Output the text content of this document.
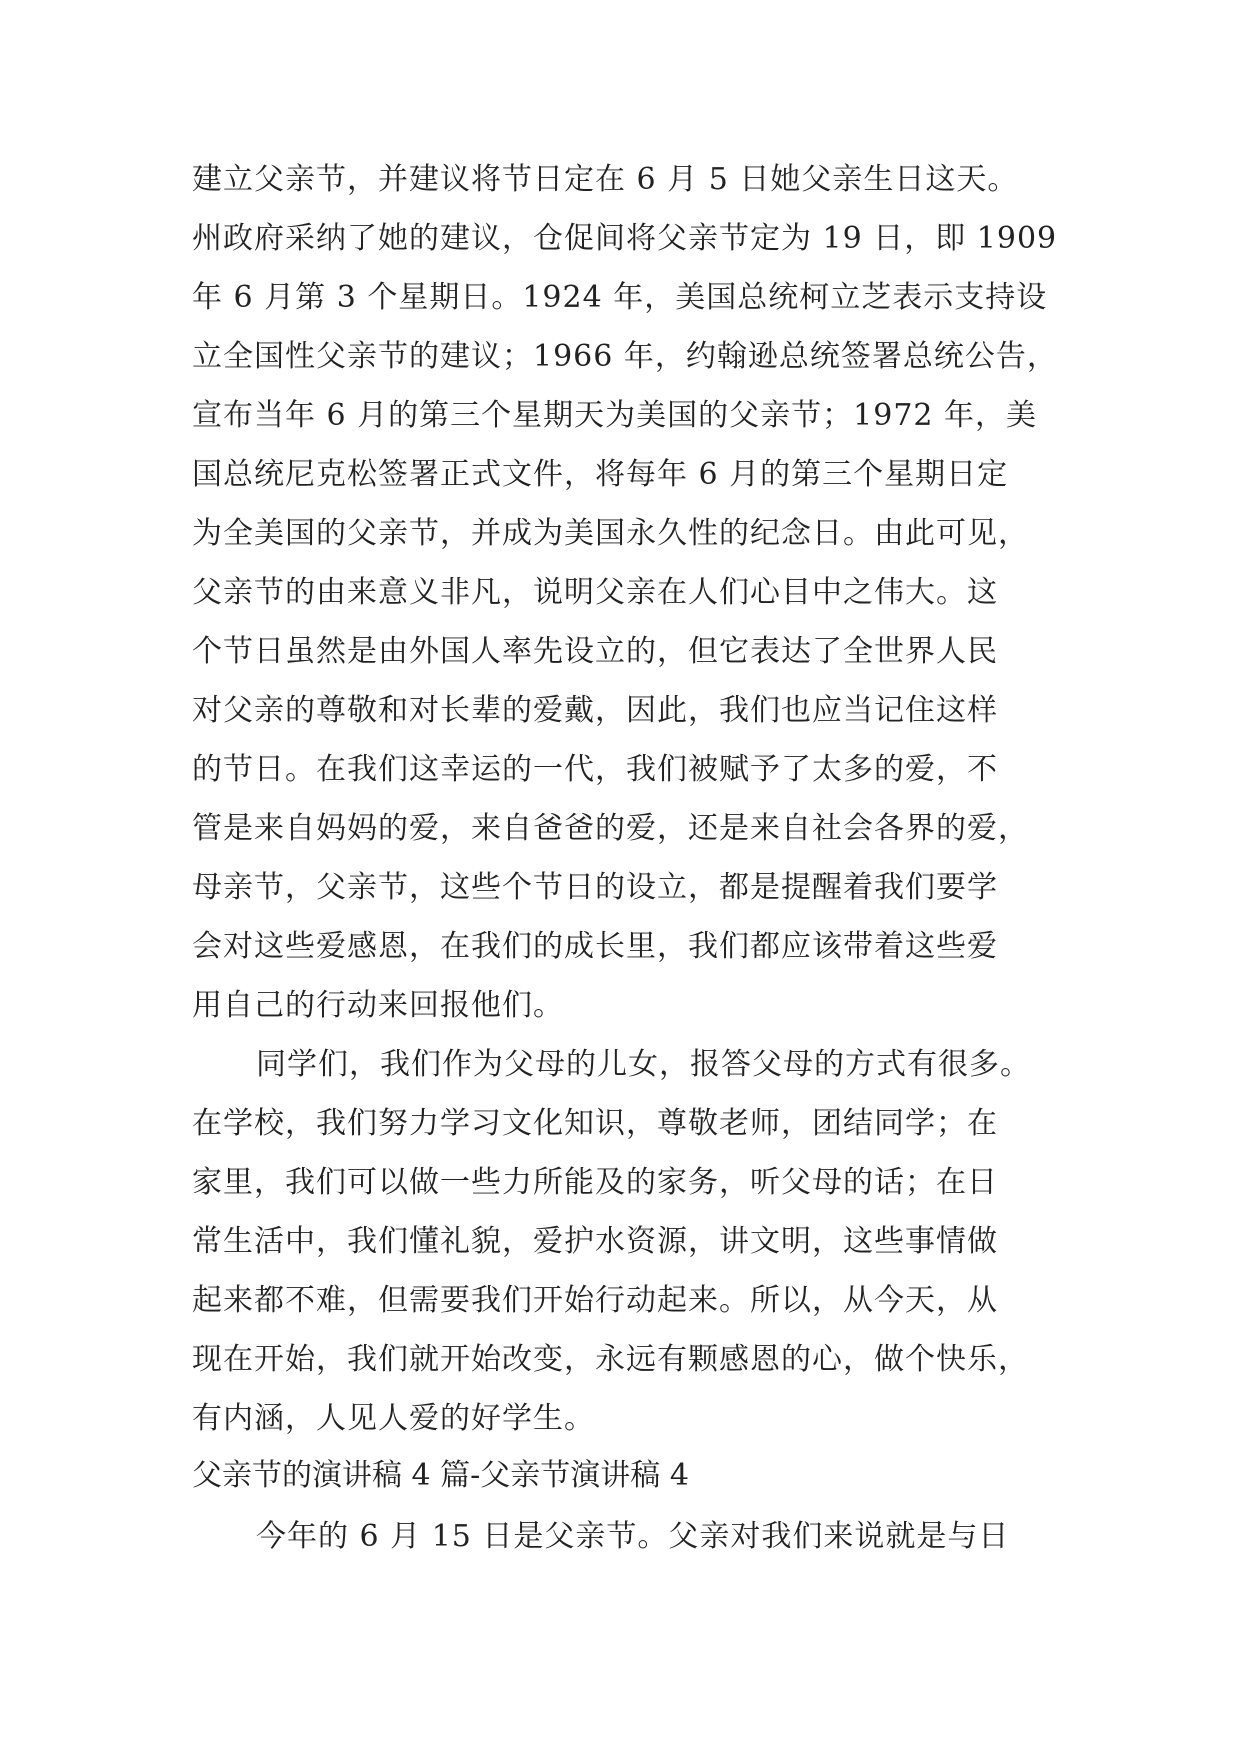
建立父亲节，并建议将节日定在 6 月 5 日她父亲生日这天。
州政府采纳了她的建议，仓促间将父亲节定为 19 日，即 1909
年 6 月第 3 个星期日。1924 年，美国总统柯立芝表示支持设
立全国性父亲节的建议；1966 年，约翰逊总统签署总统公告，
宣布当年 6 月的第三个星期天为美国的父亲节；1972 年，美
国总统尼克松签署正式文件，将每年 6 月的第三个星期日定
为全美国的父亲节，并成为美国永久性的纪念日。由此可见，
父亲节的由来意义非凡，说明父亲在人们心目中之伟大。这
个节日虽然是由外国人率先设立的，但它表达了全世界人民
对父亲的尊敬和对长辈的爱戴，因此，我们也应当记住这样
的节日。在我们这幸运的一代，我们被赋予了太多的爱，不
管是来自妈妈的爱，来自爸爸的爱，还是来自社会各界的爱，
母亲节，父亲节，这些个节日的设立，都是提醒着我们要学
会对这些爱感恩，在我们的成长里，我们都应该带着这些爱
用自己的行动来回报他们。
同学们，我们作为父母的儿女，报答父母的方式有很多。
在学校，我们努力学习文化知识，尊敬老师，团结同学；在
家里，我们可以做一些力所能及的家务，听父母的话；在日
常生活中，我们懂礼貌，爱护水资源，讲文明，这些事情做
起来都不难，但需要我们开始行动起来。所以，从今天，从
现在开始，我们就开始改变，永远有颗感恩的心，做个快乐，
有内涵，人见人爱的好学生。
父亲节的演讲稿 4 篇-父亲节演讲稿 4
今年的 6 月 15 日是父亲节。父亲对我们来说就是与日
